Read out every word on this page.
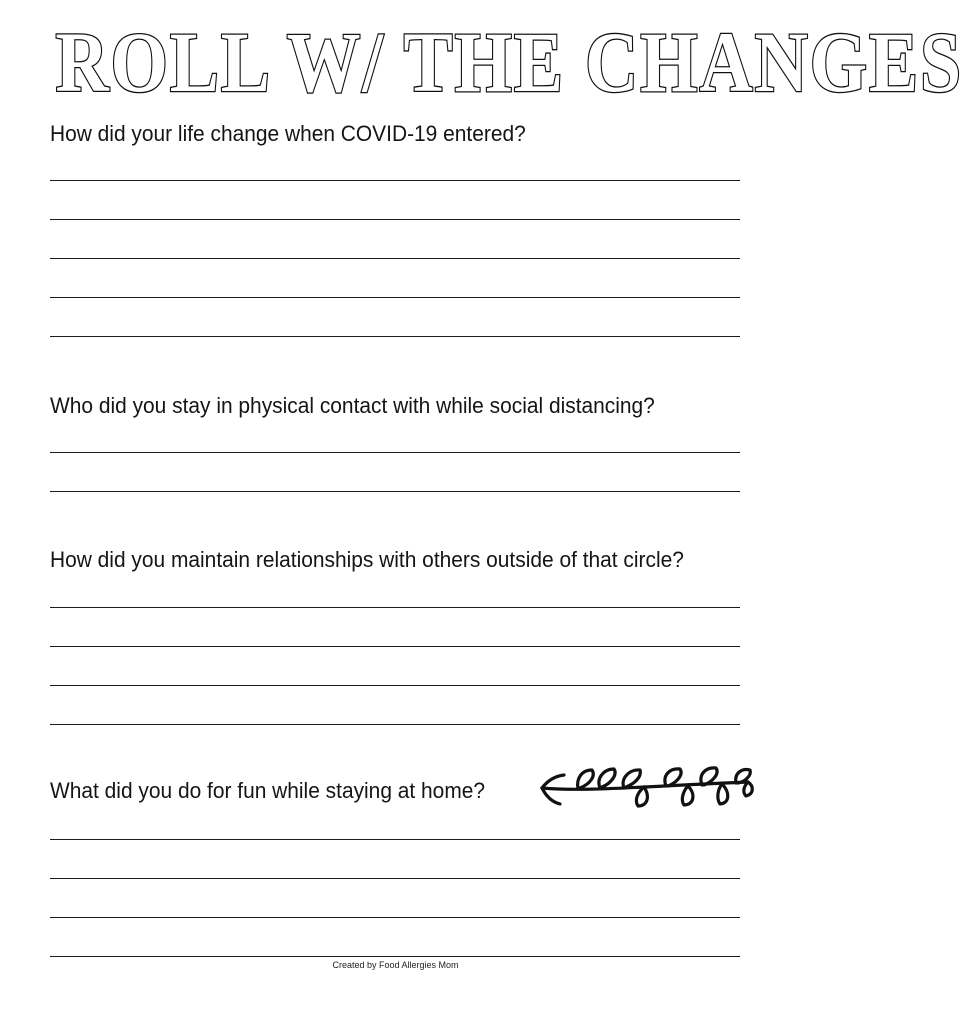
ROLL W/ THE CHANGES
How did your life change when COVID-19 entered?
Who did you stay in physical contact with while social distancing?
How did you maintain relationships with others outside of that circle?
What did you do for fun while staying at home?
Created by Food Allergies Mom
